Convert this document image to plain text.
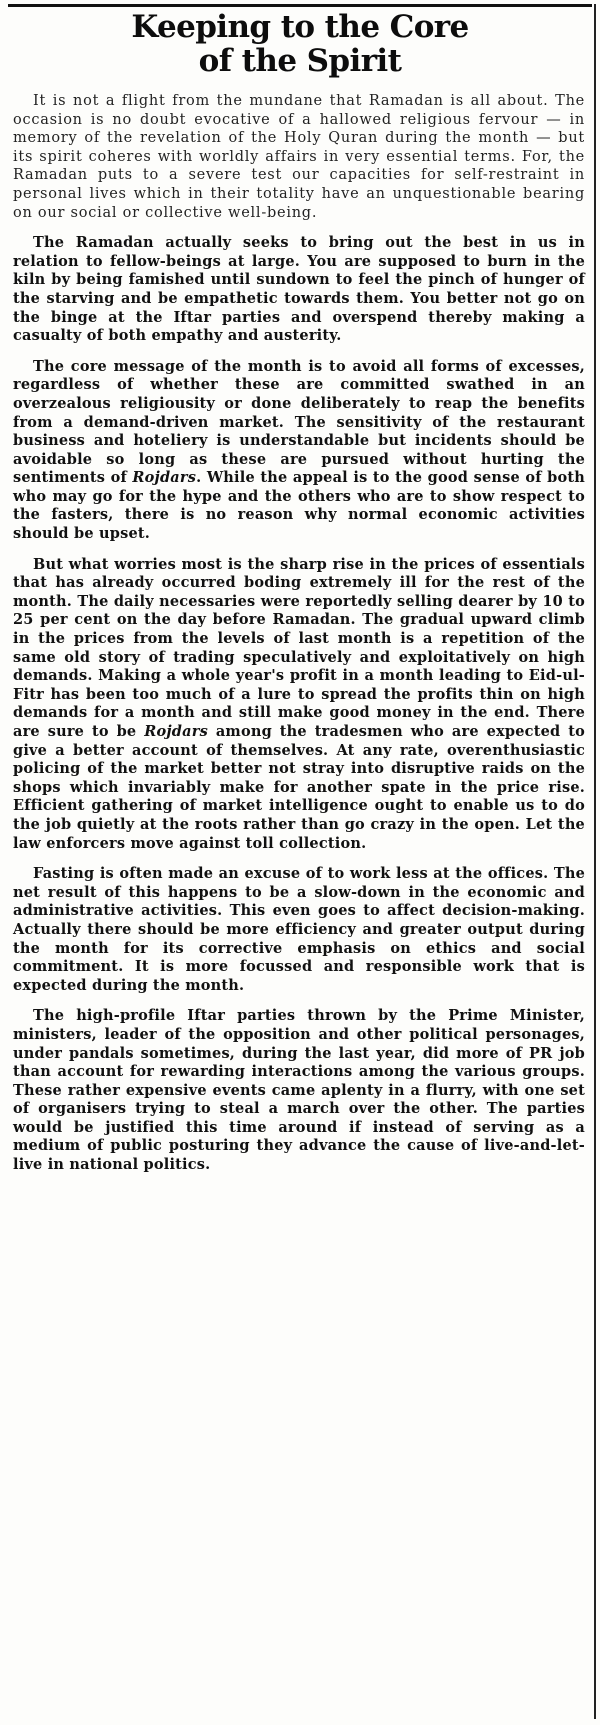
Keeping to the Core
of the Spirit

It is not a flight from the mundane that Ramadan is all about. The occasion is no doubt evocative of a hallowed religious fervour — in memory of the revelation of the Holy Quran during the month — but its spirit coheres with worldly affairs in very essential terms. For, the Ramadan puts to a severe test our capacities for self-restraint in personal lives which in their totality have an unquestionable bearing on our social or collective well-being.

The Ramadan actually seeks to bring out the best in us in relation to fellow-beings at large. You are supposed to burn in the kiln by being famished until sundown to feel the pinch of hunger of the starving and be empathetic towards them. You better not go on the binge at the Iftar parties and overspend thereby making a casualty of both empathy and austerity.

The core message of the month is to avoid all forms of excesses, regardless of whether these are committed swathed in an overzealous religiousity or done deliberately to reap the benefits from a demand-driven market. The sensitivity of the restaurant business and hoteliery is understandable but incidents should be avoidable so long as these are pursued without hurting the sentiments of Rojdars. While the appeal is to the good sense of both who may go for the hype and the others who are to show respect to the fasters, there is no reason why normal economic activities should be upset.

But what worries most is the sharp rise in the prices of essentials that has already occurred boding extremely ill for the rest of the month. The daily necessaries were reportedly selling dearer by 10 to 25 per cent on the day before Ramadan. The gradual upward climb in the prices from the levels of last month is a repetition of the same old story of trading speculatively and exploitatively on high demands. Making a whole year's profit in a month leading to Eid-ul-Fitr has been too much of a lure to spread the profits thin on high demands for a month and still make good money in the end. There are sure to be Rojdars among the tradesmen who are expected to give a better account of themselves. At any rate, overenthusiastic policing of the market better not stray into disruptive raids on the shops which invariably make for another spate in the price rise. Efficient gathering of market intelligence ought to enable us to do the job quietly at the roots rather than go crazy in the open. Let the law enforcers move against toll collection.

Fasting is often made an excuse of to work less at the offices. The net result of this happens to be a slow-down in the economic and administrative activities. This even goes to affect decision-making. Actually there should be more efficiency and greater output during the month for its corrective emphasis on ethics and social commitment. It is more focussed and responsible work that is expected during the month.

The high-profile Iftar parties thrown by the Prime Minister, ministers, leader of the opposition and other political personages, under pandals sometimes, during the last year, did more of PR job than account for rewarding interactions among the various groups. These rather expensive events came aplenty in a flurry, with one set of organisers trying to steal a march over the other. The parties would be justified this time around if instead of serving as a medium of public posturing they advance the cause of live-and-let-live in national politics.
